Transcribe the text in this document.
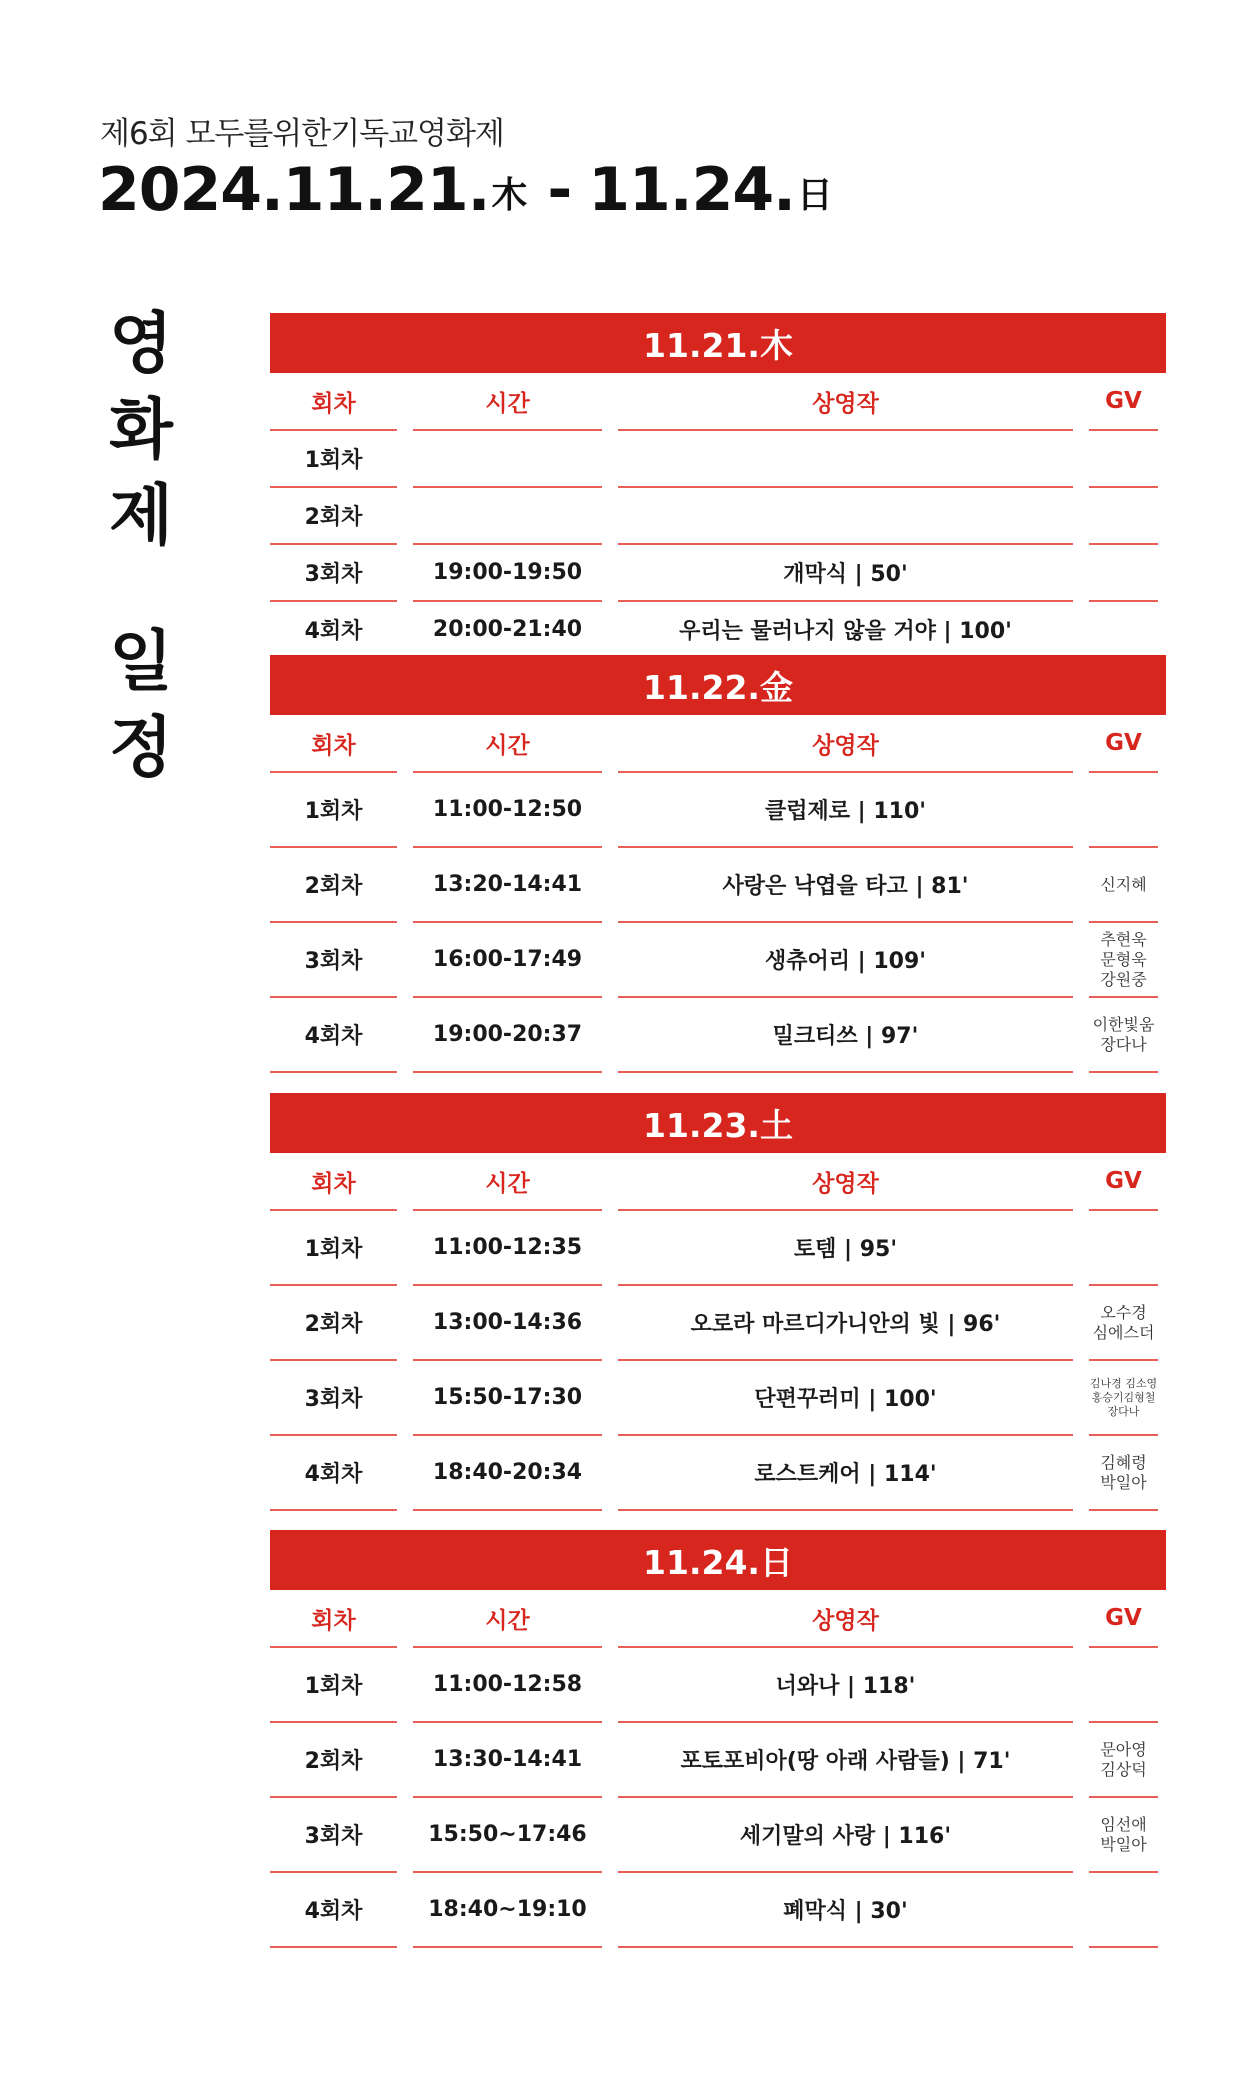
제6회 모두를위한기독교영화제
2024.11.21. 木 - 11.24. 日
영
화
제
일
정
11.21.木
회차	시간	상영작	GV
1회차
2회차
3회차	19:00-19:50	개막식 | 50'
4회차	20:00-21:40	우리는 물러나지 않을 거야 | 100'
11.22.金
회차	시간	상영작	GV
1회차	11:00-12:50	클럽제로 | 110'
2회차	13:20-14:41	사랑은 낙엽을 타고 | 81'	신지혜
3회차	16:00-17:49	생츄어리 | 109'
추현욱
문형욱
강원중
4회차	19:00-20:37	밀크티쓰 | 97'	이한빛움
장다나
11.23.土
회차	시간	상영작	GV
1회차	11:00-12:35	토템 | 95'
2회차	13:00-14:36	오로라 마르디가니안의 빛 | 96'	오수경
심에스더
3회차	15:50-17:30	단편꾸러미 | 100'
김나경 김소영
홍승기김형철
장다나
4회차	18:40-20:34	로스트케어 | 114'	김혜령
박일아
11.24.日
회차	시간	상영작	GV
1회차	11:00-12:58	너와나 | 118'
2회차	13:30-14:41	포토포비아(땅 아래 사람들) | 71'	문아영
김상덕
3회차	15:50~17:46	세기말의 사랑 | 116'	임선애
박일아
4회차	18:40~19:10	폐막식 | 30'
